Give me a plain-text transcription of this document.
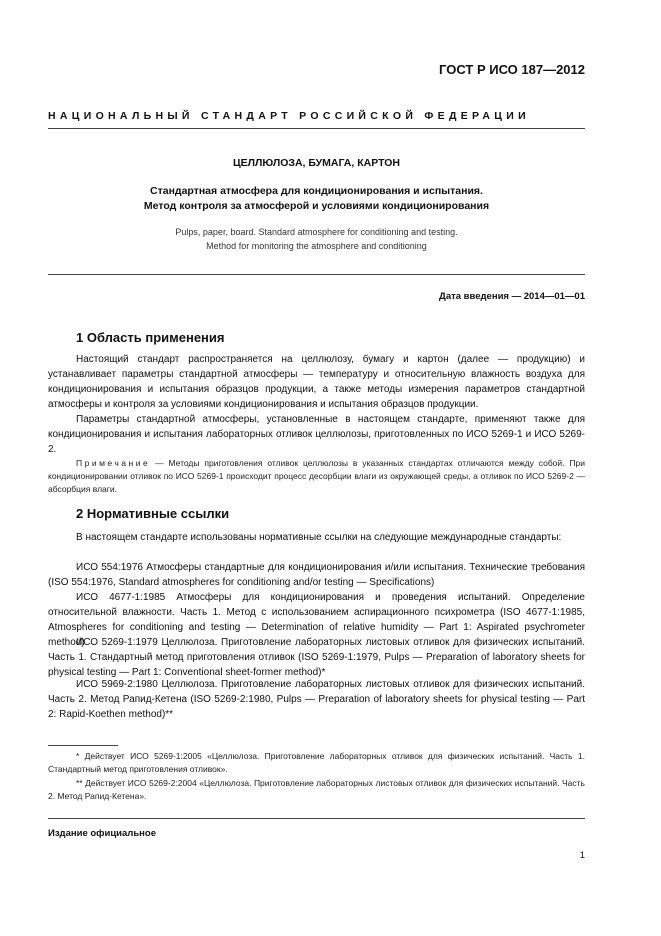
ГОСТ Р ИСО 187—2012
НАЦИОНАЛЬНЫЙ СТАНДАРТ РОССИЙСКОЙ ФЕДЕРАЦИИ
ЦЕЛЛЮЛОЗА, БУМАГА, КАРТОН
Стандартная атмосфера для кондиционирования и испытания.
Метод контроля за атмосферой и условиями кондиционирования
Pulps, paper, board. Standard atmosphere for conditioning and testing.
Method for monitoring the atmosphere and conditioning
Дата введения — 2014—01—01
1 Область применения

Настоящий стандарт распространяется на целлюлозу, бумагу и картон (далее — продукцию) и устанавливает параметры стандартной атмосферы — температуру и относительную влажность воздуха для кондиционирования и испытания образцов продукции, а также методы измерения параметров стандартной атмосферы и контроля за условиями кондиционирования и испытания образцов продукции.

Параметры стандартной атмосферы, установленные в настоящем стандарте, применяют также для кондиционирования и испытания лабораторных отливок целлюлозы, приготовленных по ИСО 5269-1 и ИСО 5269-2.

Примечание — Методы приготовления отливок целлюлозы в указанных стандартах отличаются между собой. При кондиционировании отливок по ИСО 5269-1 происходит процесс десорбции влаги из окружающей среды, а отливок по ИСО 5269-2 — абсорбция влаги.

2 Нормативные ссылки

В настоящем стандарте использованы нормативные ссылки на следующие международные стандарты:

ИСО 554:1976 Атмосферы стандартные для кондиционирования и/или испытания. Технические требования (ISO 554:1976, Standard atmospheres for conditioning and/or testing — Specifications)

ИСО 4677-1:1985 Атмосферы для кондиционирования и проведения испытаний. Определение относительной влажности. Часть 1. Метод с использованием аспирационного психрометра (ISO 4677-1:1985, Atmospheres for conditioning and testing — Determination of relative humidity — Part 1: Aspirated psychrometer method)

ИСО 5269-1:1979 Целлюлоза. Приготовление лабораторных листовых отливок для физических испытаний. Часть 1. Стандартный метод приготовления отливок (ISO 5269-1:1979, Pulps — Preparation of laboratory sheets for physical testing — Part 1: Conventional sheet-former method)*

ИСО 5969-2:1980 Целлюлоза. Приготовление лабораторных листовых отливок для физических испытаний. Часть 2. Метод Рапид-Кетена (ISO 5269-2:1980, Pulps — Preparation of laboratory sheets for physical testing — Part 2: Rapid-Koethen method)**

* Действует ИСО 5269-1:2005 «Целлюлоза. Приготовление лабораторных отливок для физических испытаний. Часть 1. Стандартный метод приготовления отливок».

** Действует ИСО 5269-2:2004 «Целлюлоза. Приготовление лабораторных листовых отливок для физических испытаний. Часть 2. Метод Рапид-Кетена».

Издание официальное
1
